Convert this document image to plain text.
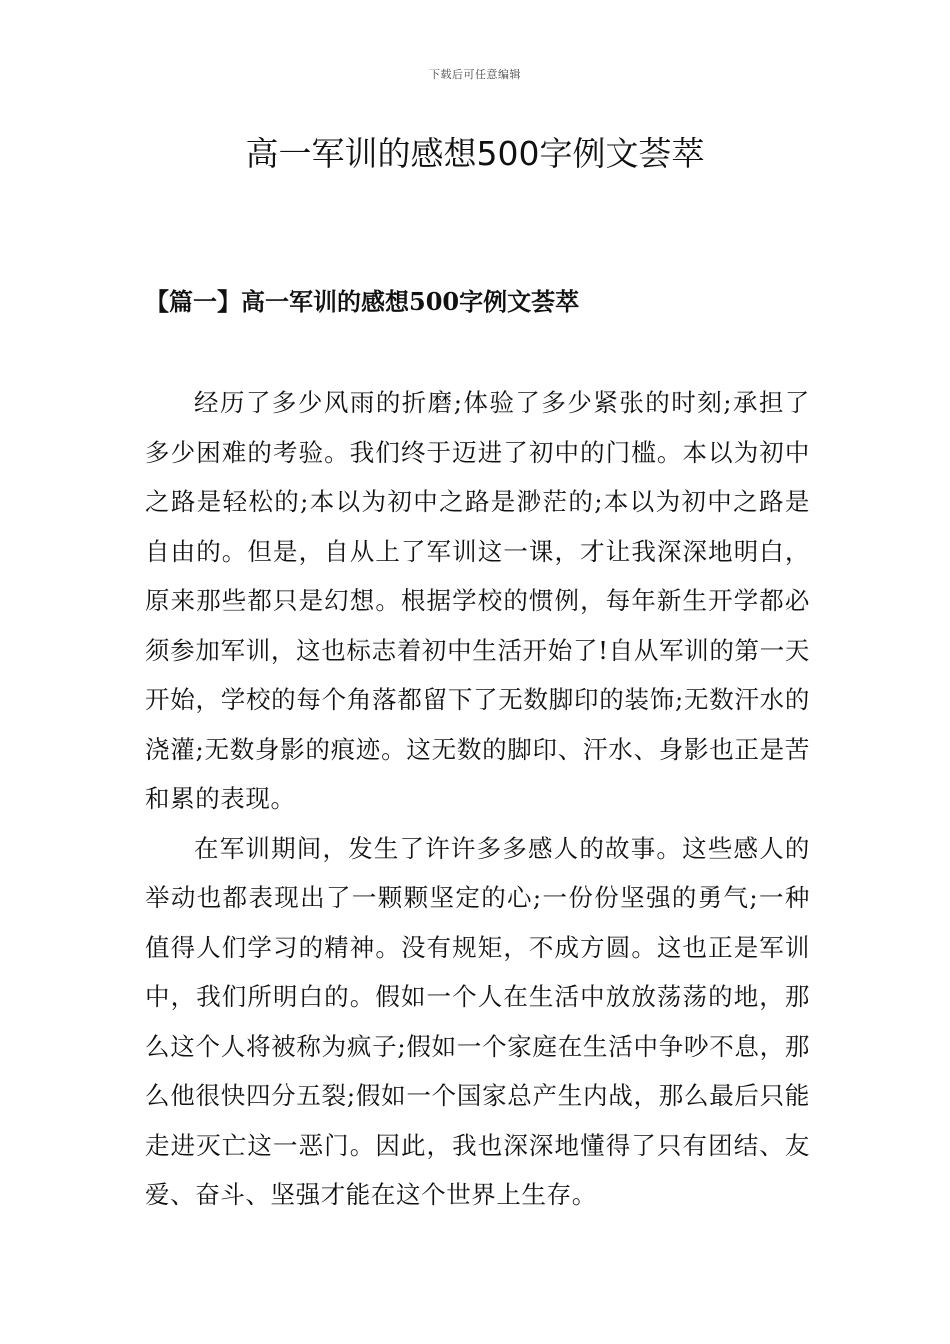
下载后可任意编辑
高一军训的感想500字例文荟萃
【篇一】高一军训的感想500字例文荟萃

经历了多少风雨的折磨;体验了多少紧张的时刻;承担了多少困难的考验。我们终于迈进了初中的门槛。本以为初中之路是轻松的;本以为初中之路是渺茫的;本以为初中之路是自由的。但是，自从上了军训这一课，才让我深深地明白，原来那些都只是幻想。根据学校的惯例，每年新生开学都必须参加军训，这也标志着初中生活开始了!自从军训的第一天开始，学校的每个角落都留下了无数脚印的装饰;无数汗水的浇灌;无数身影的痕迹。这无数的脚印、汗水、身影也正是苦和累的表现。

在军训期间，发生了许许多多感人的故事。这些感人的举动也都表现出了一颗颗坚定的心;一份份坚强的勇气;一种值得人们学习的精神。没有规矩，不成方圆。这也正是军训中，我们所明白的。假如一个人在生活中放放荡荡的地，那么这个人将被称为疯子;假如一个家庭在生活中争吵不息，那么他很快四分五裂;假如一个国家总产生内战，那么最后只能走进灭亡这一恶门。因此，我也深深地懂得了只有团结、友爱、奋斗、坚强才能在这个世界上生存。
